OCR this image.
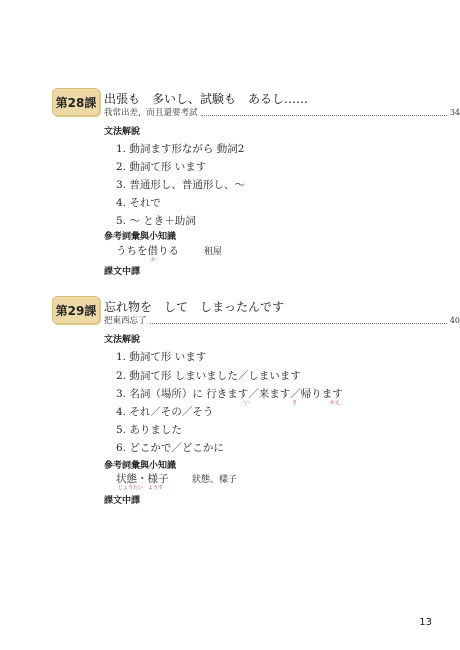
第28課 出張も　多いし、試験も　あるし……
我常出差，而且還要考試	34
文法解說
1. 動詞ます形ながら 動詞2
2. 動詞て形 います
3. 普通形し、普通形し、～
4. それで
5. ～ とき＋助詞
參考詞彙與小知識
うちを借りる
か
租屋
課文中譯
第29課 忘れ物を　して　しまったんです
把東西忘了	40
文法解說
1. 動詞て形 います
2. 動詞て形 しまいました／しまいます
3. 名詞（場所）に 行きます／来ます／帰ります
い	き	かえ
4. それ／その／そう
5. ありました
6. どこかで／どこかに
參考詞彙與小知識
状態・様子
じょうたい　ようす
狀態、樣子
課文中譯
13
